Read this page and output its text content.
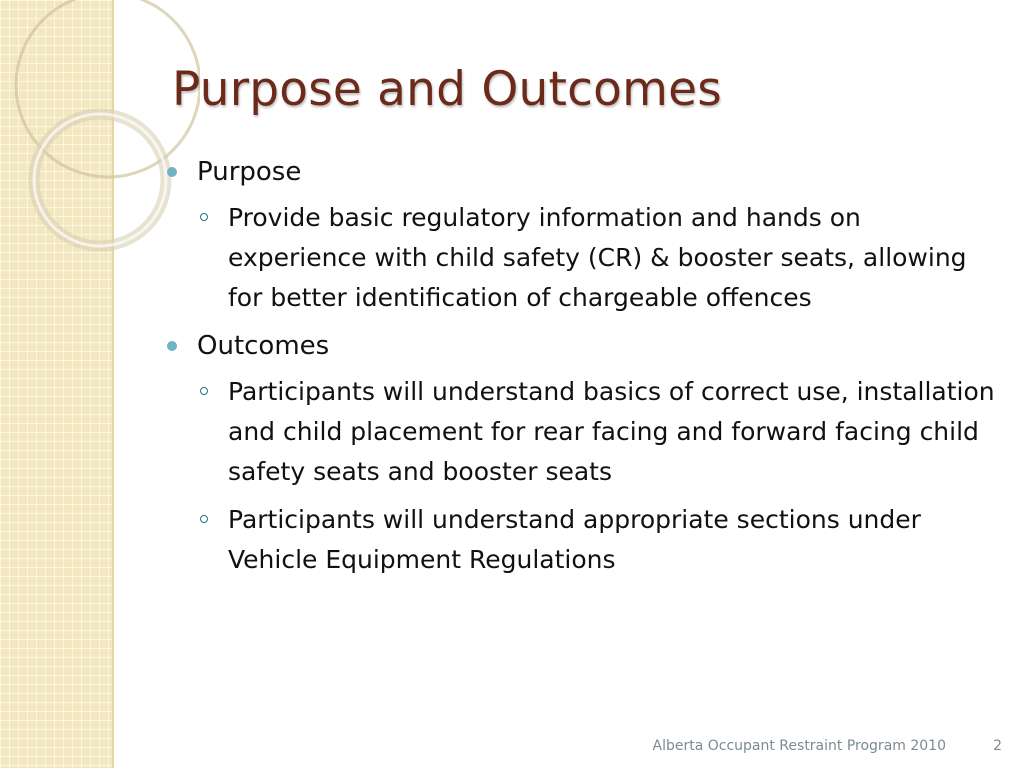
Purpose and Outcomes
Purpose
Provide basic regulatory information and hands on experience with child safety (CR) & booster seats, allowing for better identification of chargeable offences
Outcomes
Participants will understand basics of correct use, installation and child placement for rear facing and forward facing child safety seats and booster seats
Participants will understand appropriate sections under Vehicle Equipment Regulations
Alberta Occupant Restraint Program 2010	2
